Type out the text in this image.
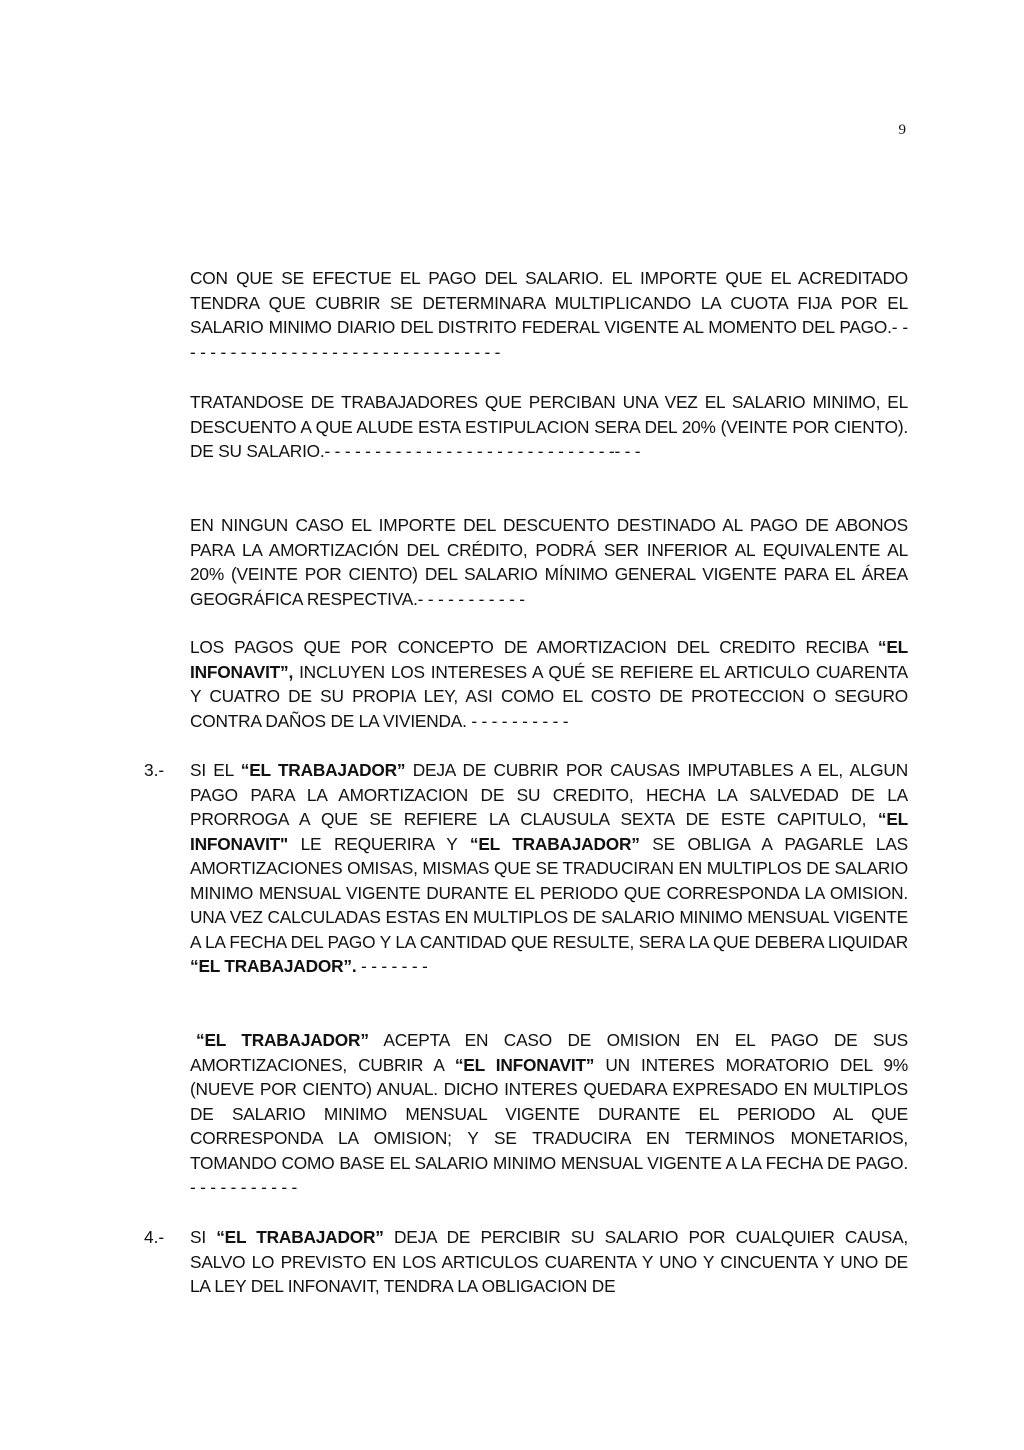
9

CON QUE SE EFECTUE EL PAGO DEL SALARIO. EL IMPORTE QUE EL ACREDITADO TENDRA QUE CUBRIR SE DETERMINARA MULTIPLICANDO LA CUOTA FIJA POR EL SALARIO MINIMO DIARIO DEL DISTRITO FEDERAL VIGENTE AL MOMENTO DEL PAGO.- - - - - - - - - - - - - - - - - - - - - - - - - - - - - - - - -

TRATANDOSE DE TRABAJADORES QUE PERCIBAN UNA VEZ EL SALARIO MINIMO, EL DESCUENTO A QUE ALUDE ESTA ESTIPULACION SERA DEL 20% (VEINTE POR CIENTO). DE SU SALARIO.- - - - - - - - - - - - - - - - - - - - - - - - - - - - -- - -

EN NINGUN CASO EL IMPORTE DEL DESCUENTO DESTINADO AL PAGO DE ABONOS PARA LA AMORTIZACIÓN DEL CRÉDITO, PODRÁ SER INFERIOR AL EQUIVALENTE AL 20% (VEINTE POR CIENTO) DEL SALARIO MÍNIMO GENERAL VIGENTE PARA EL ÁREA GEOGRÁFICA RESPECTIVA.- - - - - - - - - - -

LOS PAGOS QUE POR CONCEPTO DE AMORTIZACION DEL CREDITO RECIBA “EL INFONAVIT”, INCLUYEN LOS INTERESES A QUÉ SE REFIERE EL ARTICULO CUARENTA Y CUATRO DE SU PROPIA LEY, ASI COMO EL COSTO DE PROTECCION O SEGURO CONTRA DAÑOS DE LA VIVIENDA. - - - - - - - - - -

3.- SI EL “EL TRABAJADOR” DEJA DE CUBRIR POR CAUSAS IMPUTABLES A EL, ALGUN PAGO PARA LA AMORTIZACION DE SU CREDITO, HECHA LA SALVEDAD DE LA PRORROGA A QUE SE REFIERE LA CLAUSULA SEXTA DE ESTE CAPITULO, “EL INFONAVIT" LE REQUERIRA Y “EL TRABAJADOR” SE OBLIGA A PAGARLE LAS AMORTIZACIONES OMISAS, MISMAS QUE SE TRADUCIRAN EN MULTIPLOS DE SALARIO MINIMO MENSUAL VIGENTE DURANTE EL PERIODO QUE CORRESPONDA LA OMISION. UNA VEZ CALCULADAS ESTAS EN MULTIPLOS DE SALARIO MINIMO MENSUAL VIGENTE A LA FECHA DEL PAGO Y LA CANTIDAD QUE RESULTE, SERA LA QUE DEBERA LIQUIDAR “EL TRABAJADOR”. - - - - - - -

“EL TRABAJADOR” ACEPTA EN CASO DE OMISION EN EL PAGO DE SUS AMORTIZACIONES, CUBRIR A “EL INFONAVIT” UN INTERES MORATORIO DEL 9% (NUEVE POR CIENTO) ANUAL. DICHO INTERES QUEDARA EXPRESADO EN MULTIPLOS DE SALARIO MINIMO MENSUAL VIGENTE DURANTE EL PERIODO AL QUE CORRESPONDA LA OMISION; Y SE TRADUCIRA EN TERMINOS MONETARIOS, TOMANDO COMO BASE EL SALARIO MINIMO MENSUAL VIGENTE A LA FECHA DE PAGO. - - - - - - - - - - -

4.- SI “EL TRABAJADOR” DEJA DE PERCIBIR SU SALARIO POR CUALQUIER CAUSA, SALVO LO PREVISTO EN LOS ARTICULOS CUARENTA Y UNO Y CINCUENTA Y UNO DE LA LEY DEL INFONAVIT, TENDRA LA OBLIGACION DE
